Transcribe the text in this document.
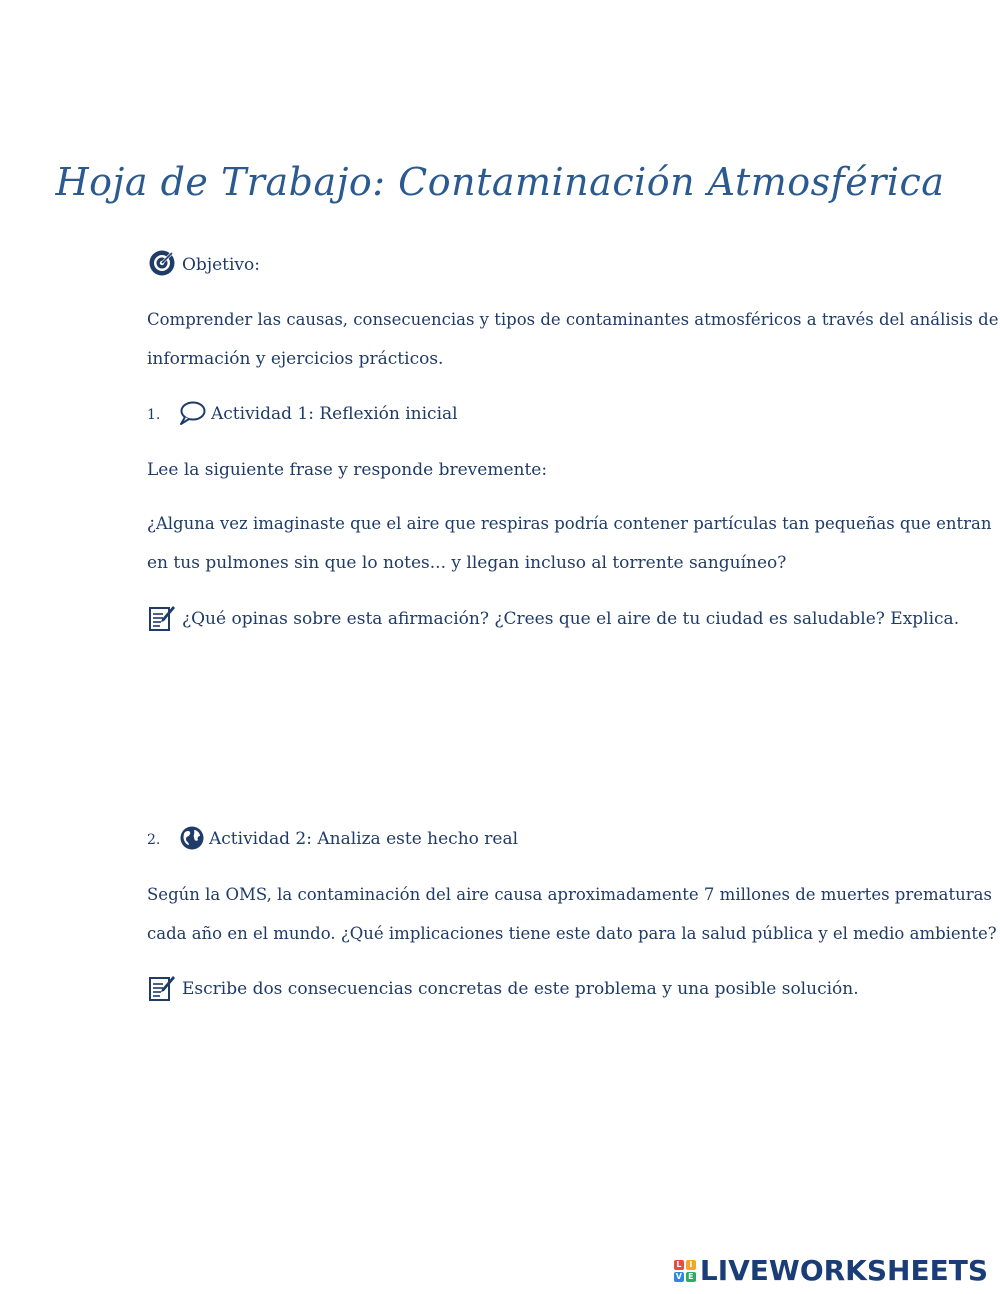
Hoja de Trabajo: Contaminación Atmosférica
Objetivo:
Comprender las causas, consecuencias y tipos de contaminantes atmosféricos a través del análisis de
información y ejercicios prácticos.
1.	Actividad 1: Reflexión inicial
Lee la siguiente frase y responde brevemente:
¿Alguna vez imaginaste que el aire que respiras podría contener partículas tan pequeñas que entran
en tus pulmones sin que lo notes... y llegan incluso al torrente sanguíneo?
¿Qué opinas sobre esta afirmación? ¿Crees que el aire de tu ciudad es saludable? Explica.
2.	Actividad 2: Analiza este hecho real
Según la OMS, la contaminación del aire causa aproximadamente 7 millones de muertes prematuras
cada año en el mundo. ¿Qué implicaciones tiene este dato para la salud pública y el medio ambiente?
Escribe dos consecuencias concretas de este problema y una posible solución.
L I
V E LIVEWORKSHEETS
